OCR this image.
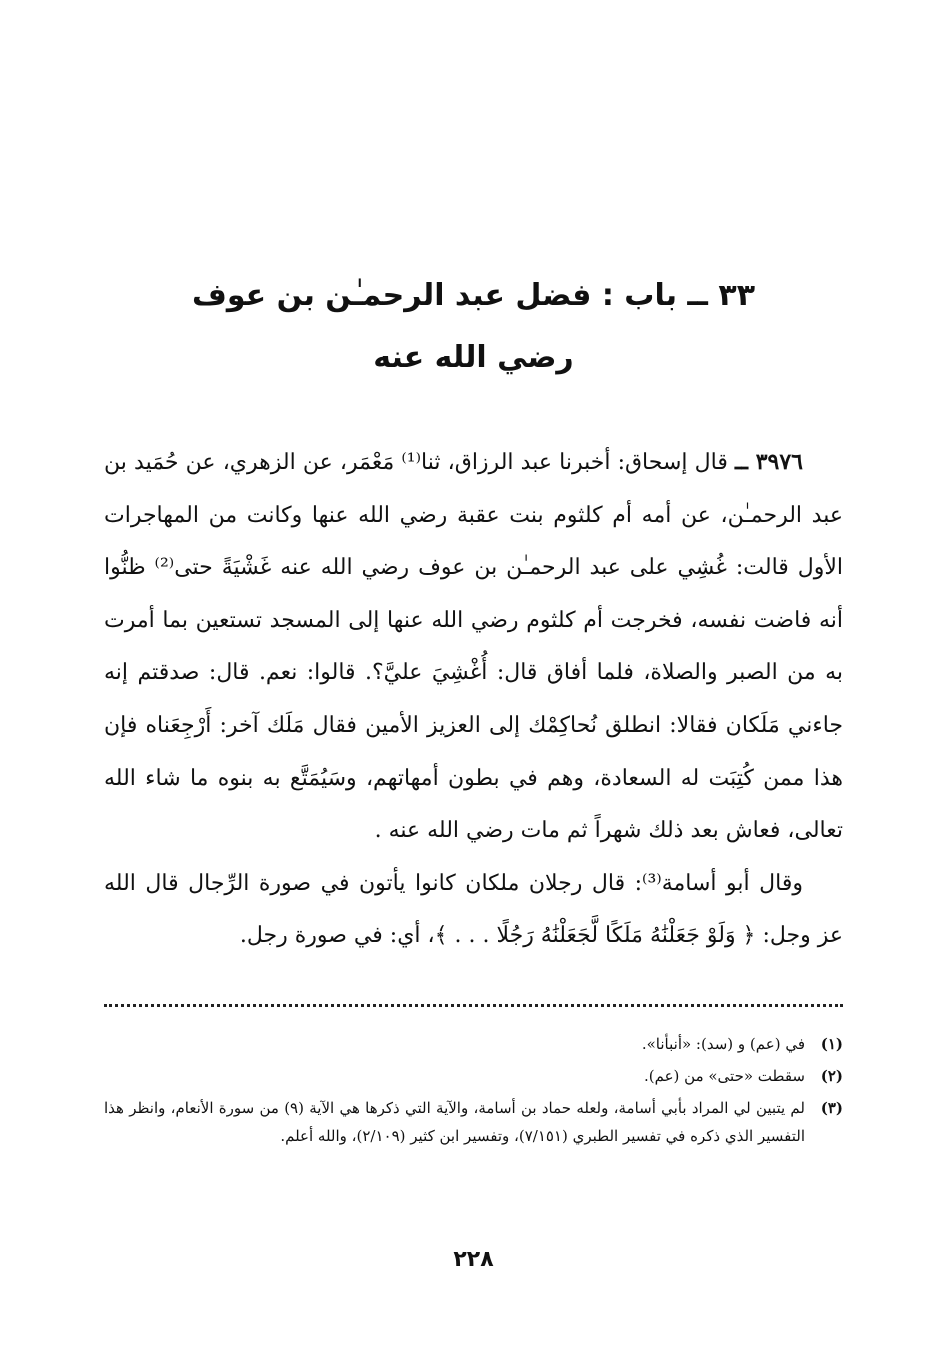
٣٣ ــ باب : فضل عبد الرحمـٰن بن عوف
رضي الله عنه

٣٩٧٦ ــ قال إسحاق: أخبرنا عبد الرزاق، ثنا⁽¹⁾ مَعْمَر، عن الزهري، عن حُمَيد بن عبد الرحمـٰن، عن أمه أم كلثوم بنت عقبة رضي الله عنها وكانت من المهاجرات الأول قالت: غُشِي على عبد الرحمـٰن بن عوف رضي الله عنه غَشْيَةً حتى⁽²⁾ ظنُّوا أنه فاضت نفسه، فخرجت أم كلثوم رضي الله عنها إلى المسجد تستعين بما أمرت به من الصبر والصلاة، فلما أفاق قال: أُغْشِيَ عليَّ؟. قالوا: نعم. قال: صدقتم إنه جاءني مَلَكان فقالا: انطلق نُحاكِمْك إلى العزيز الأمين فقال مَلَك آخر: أَرْجِعَناه فإن هذا ممن كُتِبَت له السعادة، وهم في بطون أمهاتهم، وسَيُمَتَّع به بنوه ما شاء الله تعالى، فعاش بعد ذلك شهراً ثم مات رضي الله عنه .

وقال أبو أسامة⁽³⁾: قال رجلان ملكان كانوا يأتون في صورة الرِّجال قال الله عز وجل: ﴿ وَلَوْ جَعَلْنَٰهُ مَلَكًا لَّجَعَلْنَٰهُ رَجُلًا . . . ﴾، أي: في صورة رجل.

(١)
في (عم) و (سد): «أنبأنا».
(٢)
سقطت «حتى» من (عم).
(٣)
لم يتبين لي المراد بأبي أسامة، ولعله حماد بن أسامة، والآية التي ذكرها هي الآية (٩) من سورة الأنعام، وانظر هذا التفسير الذي ذكره في تفسير الطبري (٧/١٥١)، وتفسير ابن كثير (٢/١٠٩)، والله أعلم.
٢٢٨
